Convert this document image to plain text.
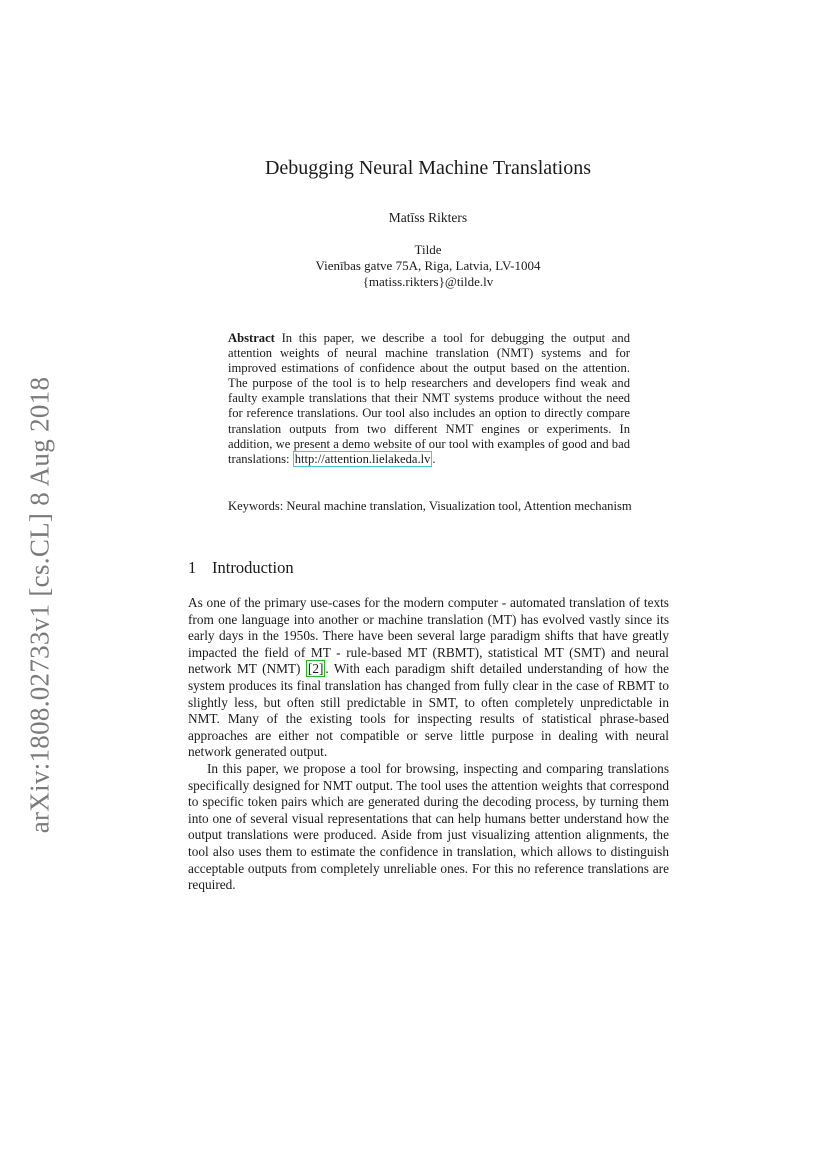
arXiv:1808.02733v1 [cs.CL] 8 Aug 2018
Debugging Neural Machine Translations
Matīss Rikters
Tilde
Vienības gatve 75A, Riga, Latvia, LV-1004
{matiss.rikters}@tilde.lv
Abstract In this paper, we describe a tool for debugging the output and attention weights of neural machine translation (NMT) systems and for improved estimations of confidence about the output based on the attention. The purpose of the tool is to help researchers and developers find weak and faulty example translations that their NMT systems produce without the need for reference translations. Our tool also includes an option to directly compare translation outputs from two different NMT engines or experiments. In addition, we present a demo website of our tool with examples of good and bad translations: http://attention.lielakeda.lv .
Keywords: Neural machine translation, Visualization tool, Attention mechanism
1 Introduction

As one of the primary use-cases for the modern computer - automated translation of texts from one language into another or machine translation (MT) has evolved vastly since its early days in the 1950s. There have been several large paradigm shifts that have greatly impacted the field of MT - rule-based MT (RBMT), statistical MT (SMT) and neural network MT (NMT) [2] . With each paradigm shift detailed understanding of how the system produces its final translation has changed from fully clear in the case of RBMT to slightly less, but often still predictable in SMT, to often completely unpredictable in NMT. Many of the existing tools for inspecting results of statistical phrase-based approaches are either not compatible or serve little purpose in dealing with neural network generated output.

In this paper, we propose a tool for browsing, inspecting and comparing translations specifically designed for NMT output. The tool uses the attention weights that correspond to specific token pairs which are generated during the decoding process, by turning them into one of several visual representations that can help humans better understand how the output translations were produced. Aside from just visualizing attention alignments, the tool also uses them to estimate the confidence in translation, which allows to distinguish acceptable outputs from completely unreliable ones. For this no reference translations are required.
